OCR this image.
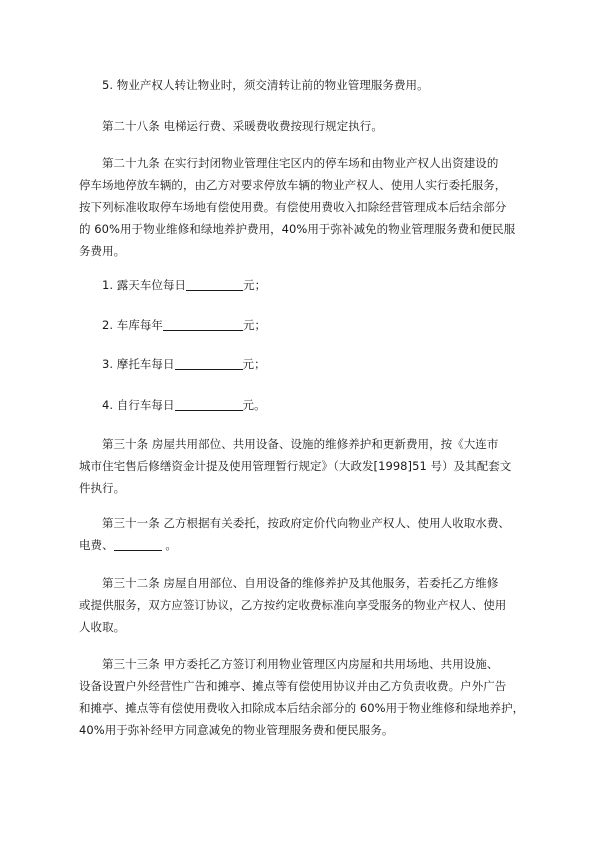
5. 物业产权人转让物业时，须交清转让前的物业管理服务费用。

第二十八条 电梯运行费、采暖费收费按现行规定执行。

第二十九条 在实行封闭物业管理住宅区内的停车场和由物业产权人出资建设的
停车场地停放车辆的，由乙方对要求停放车辆的物业产权人、使用人实行委托服务，
按下列标准收取停车场地有偿使用费。有偿使用费收入扣除经营管理成本后结余部分
的 60%用于物业维修和绿地养护费用，40%用于弥补减免的物业管理服务费和便民服
务费用。

1. 露天车位每日	元；

2. 车库每年	元；

3. 摩托车每日	元；

4. 自行车每日	元。

第三十条 房屋共用部位、共用设备、设施的维修养护和更新费用，按《大连市
城市住宅售后修缮资金计提及使用管理暂行规定》（大政发[1998]51 号）及其配套文
件执行。

第三十一条 乙方根据有关委托，按政府定价代向物业产权人、使用人收取水费、
电费、	。

第三十二条 房屋自用部位、自用设备的维修养护及其他服务，若委托乙方维修
或提供服务，双方应签订协议，乙方按约定收费标准向享受服务的物业产权人、使用
人收取。

第三十三条 甲方委托乙方签订利用物业管理区内房屋和共用场地、共用设施、
设备设置户外经营性广告和摊亭、摊点等有偿使用协议并由乙方负责收费。户外广告
和摊亭、摊点等有偿使用费收入扣除成本后结余部分的 60%用于物业维修和绿地养护，
40%用于弥补经甲方同意减免的物业管理服务费和便民服务。
